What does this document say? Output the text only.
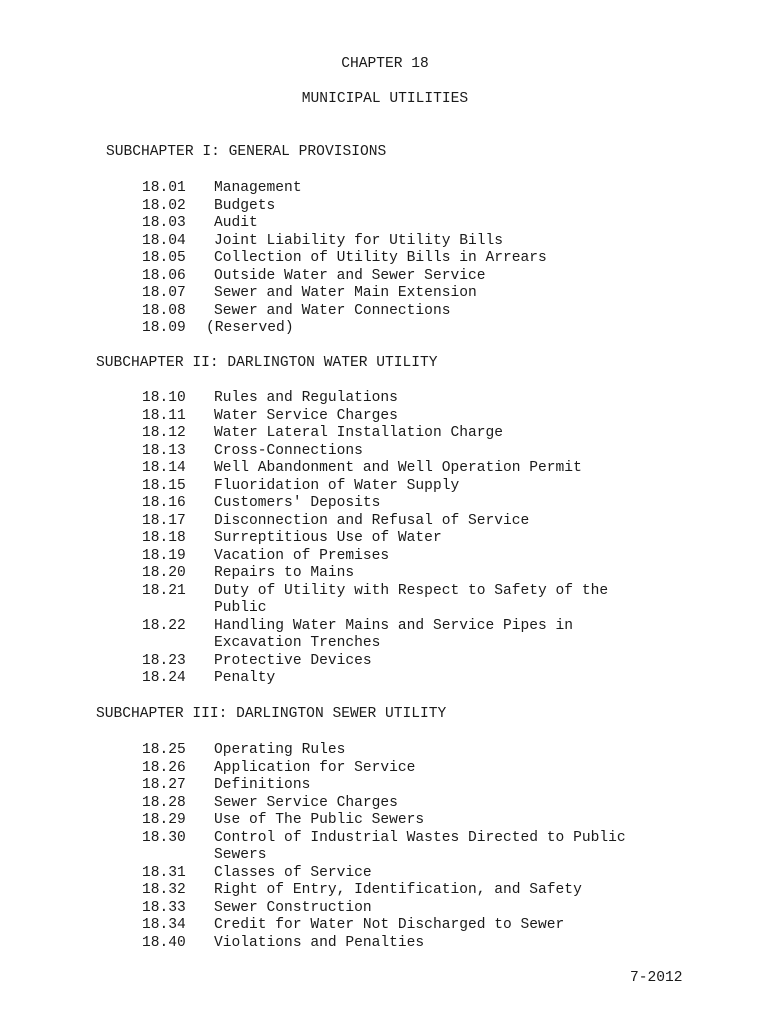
CHAPTER 18
MUNICIPAL UTILITIES
SUBCHAPTER I: GENERAL PROVISIONS
18.01 Management
18.02 Budgets
18.03 Audit
18.04 Joint Liability for Utility Bills
18.05 Collection of Utility Bills in Arrears
18.06 Outside Water and Sewer Service
18.07 Sewer and Water Main Extension
18.08 Sewer and Water Connections
18.09 (Reserved)
SUBCHAPTER II: DARLINGTON WATER UTILITY
18.10 Rules and Regulations
18.11 Water Service Charges
18.12 Water Lateral Installation Charge
18.13 Cross-Connections
18.14 Well Abandonment and Well Operation Permit
18.15 Fluoridation of Water Supply
18.16 Customers' Deposits
18.17 Disconnection and Refusal of Service
18.18 Surreptitious Use of Water
18.19 Vacation of Premises
18.20 Repairs to Mains
18.21 Duty of Utility with Respect to Safety of the
Public
18.22 Handling Water Mains and Service Pipes in
Excavation Trenches
18.23 Protective Devices
18.24 Penalty
SUBCHAPTER III: DARLINGTON SEWER UTILITY
18.25 Operating Rules
18.26 Application for Service
18.27 Definitions
18.28 Sewer Service Charges
18.29 Use of The Public Sewers
18.30 Control of Industrial Wastes Directed to Public
Sewers
18.31 Classes of Service
18.32 Right of Entry, Identification, and Safety
18.33 Sewer Construction
18.34 Credit for Water Not Discharged to Sewer
18.40 Violations and Penalties
7-2012
